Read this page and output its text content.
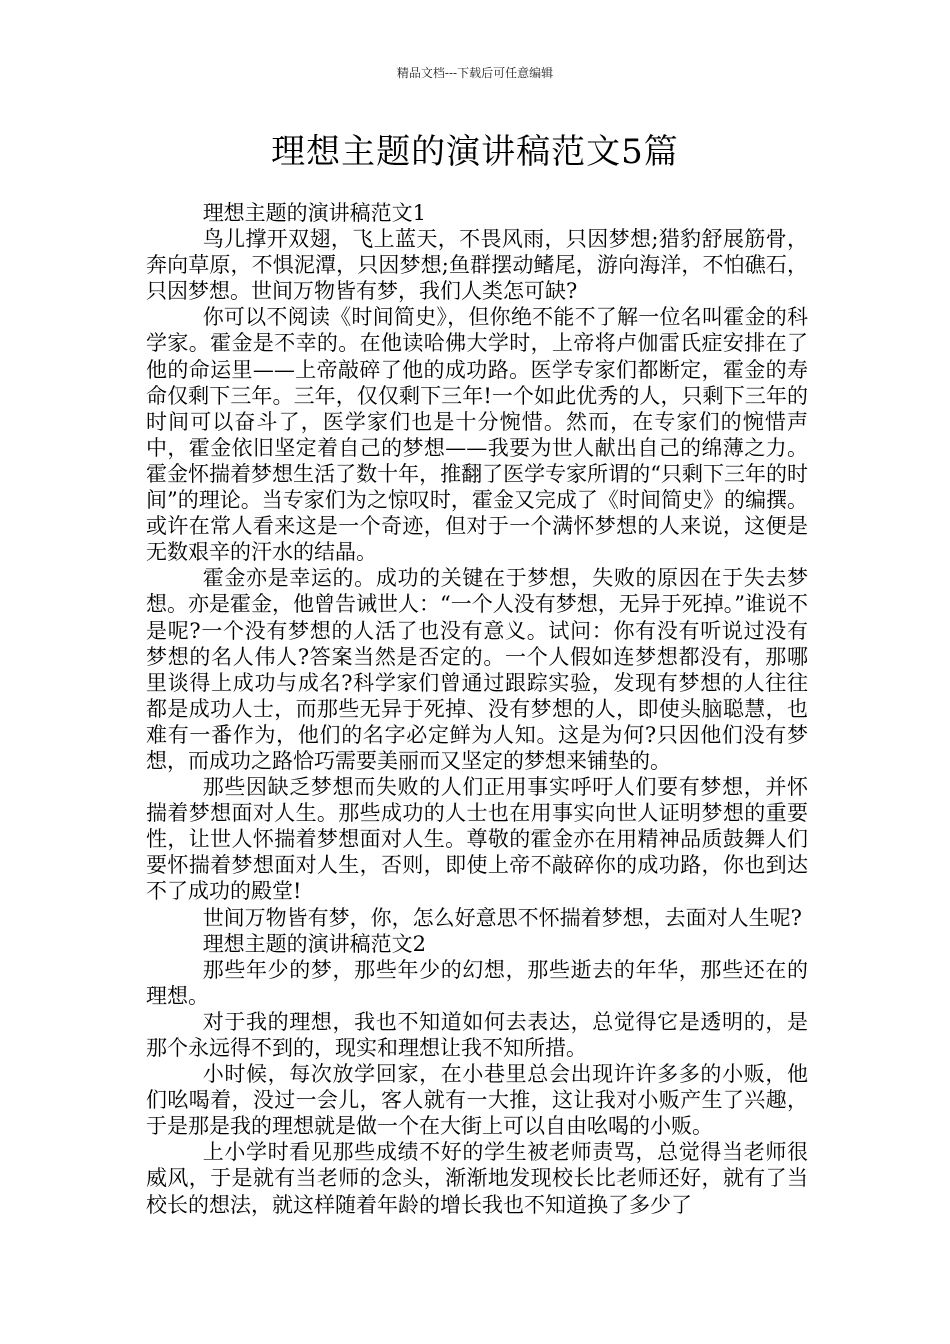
精品文档---下载后可任意编辑
理想主题的演讲稿范文5篇

理想主题的演讲稿范文1

鸟儿撑开双翅，飞上蓝天，不畏风雨，只因梦想;猎豹舒展筋骨，奔向草原，不惧泥潭，只因梦想;鱼群摆动鳍尾，游向海洋，不怕礁石，只因梦想。世间万物皆有梦，我们人类怎可缺?

你可以不阅读《时间简史》，但你绝不能不了解一位名叫霍金的科学家。霍金是不幸的。在他读哈佛大学时，上帝将卢伽雷氏症安排在了他的命运里——上帝敲碎了他的成功路。医学专家们都断定，霍金的寿命仅剩下三年。三年，仅仅剩下三年!一个如此优秀的人，只剩下三年的时间可以奋斗了，医学家们也是十分惋惜。然而，在专家们的惋惜声中，霍金依旧坚定着自己的梦想——我要为世人献出自己的绵薄之力。霍金怀揣着梦想生活了数十年，推翻了医学专家所谓的“只剩下三年的时间”的理论。当专家们为之惊叹时，霍金又完成了《时间简史》的编撰。或许在常人看来这是一个奇迹，但对于一个满怀梦想的人来说，这便是无数艰辛的汗水的结晶。

霍金亦是幸运的。成功的关键在于梦想，失败的原因在于失去梦想。亦是霍金，他曾告诫世人：“一个人没有梦想，无异于死掉。”谁说不是呢?一个没有梦想的人活了也没有意义。试问：你有没有听说过没有梦想的名人伟人?答案当然是否定的。一个人假如连梦想都没有，那哪里谈得上成功与成名?科学家们曾通过跟踪实验，发现有梦想的人往往都是成功人士，而那些无异于死掉、没有梦想的人，即使头脑聪慧，也难有一番作为，他们的名字必定鲜为人知。这是为何?只因他们没有梦想，而成功之路恰巧需要美丽而又坚定的梦想来铺垫的。

那些因缺乏梦想而失败的人们正用事实呼吁人们要有梦想，并怀揣着梦想面对人生。那些成功的人士也在用事实向世人证明梦想的重要性，让世人怀揣着梦想面对人生。尊敬的霍金亦在用精神品质鼓舞人们要怀揣着梦想面对人生，否则，即使上帝不敲碎你的成功路，你也到达不了成功的殿堂!

世间万物皆有梦，你，怎么好意思不怀揣着梦想，去面对人生呢?

理想主题的演讲稿范文2

那些年少的梦，那些年少的幻想，那些逝去的年华，那些还在的理想。

对于我的理想，我也不知道如何去表达，总觉得它是透明的，是那个永远得不到的，现实和理想让我不知所措。

小时候，每次放学回家，在小巷里总会出现许许多多的小贩，他们吆喝着，没过一会儿，客人就有一大推，这让我对小贩产生了兴趣，于是那是我的理想就是做一个在大街上可以自由吆喝的小贩。

上小学时看见那些成绩不好的学生被老师责骂，总觉得当老师很威风，于是就有当老师的念头，渐渐地发现校长比老师还好，就有了当校长的想法，就这样随着年龄的增长我也不知道换了多少了
